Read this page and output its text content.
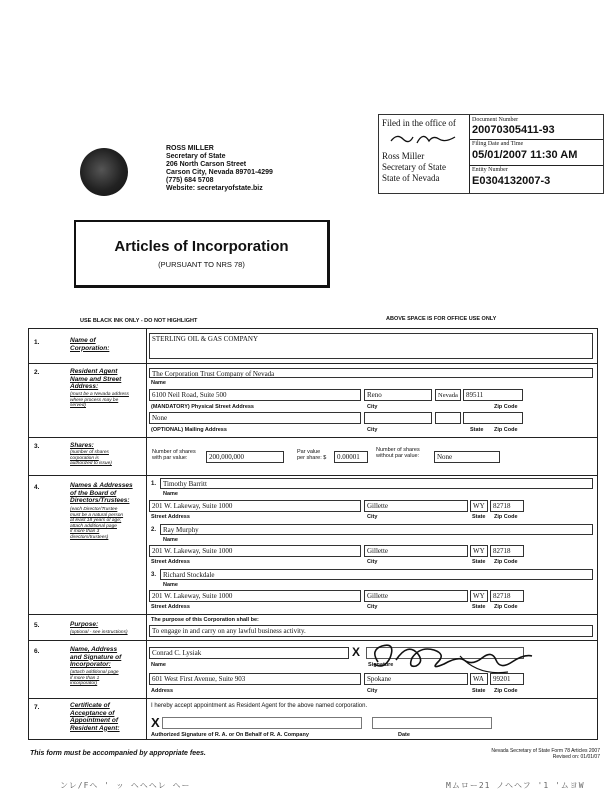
ROSS MILLER
Secretary of State
206 North Carson Street
Carson City, Nevada 89701-4299
(775) 684 5708
Website: secretaryofstate.biz
Filed in the office of
Ross Miller
Secretary of State
State of Nevada
Document Number
20070305411-93
Filing Date and Time
05/01/2007 11:30 AM
Entity Number
E0304132007-3
Articles of Incorporation
(PURSUANT TO NRS 78)
USE BLACK INK ONLY - DO NOT HIGHLIGHT	ABOVE SPACE IS FOR OFFICE USE ONLY
1.	Name of
Corporation:
STERLING OIL & GAS COMPANY
2.	Resident Agent
Name and Street
Address:
(must be a Nevada address
where process may be
served)
The Corporation Trust Company of Nevada
Name
6100 Neil Road, Suite 500	Reno	Nevada	89511
(MANDATORY) Physical Street Address	City	Zip Code
None
(OPTIONAL) Mailing Address	City	State Zip Code
3.	Shares:
(number of shares
corporation is
authorized to issue)
Number of shares
with par value:	200,000,000
Par value
per share: $	0.00001
Number of shares
without par value:	None
4.	Names & Addresses
of the Board of
Directors/Trustees:
(each Director/Trustee
must be a natural person
at least 18 years of age;
attach additional page
if more than 3
directors/trustees)
1. Timothy Barritt
Name
201 W. Lakeway, Suite 1000	Gillette	WY	82718
Street Address	City	State Zip Code
2. Ray Murphy
Name
201 W. Lakeway, Suite 1000	Gillette	WY	82718
Street Address	City	State Zip Code
3. Richard Stockdale
Name
201 W. Lakeway, Suite 1000	Gillette	WY	82718
Street Address	City	State Zip Code
5.	Purpose:
(optional - see instructions)
The purpose of this Corporation shall be:
To engage in and carry on any lawful business activity.
6.	Name, Address
and Signature of
Incorporator:
(attach additional page
if more than 1
incorporator)
Conrad C. Lysiak	X
Name	Signature
601 West First Avenue, Suite 903	Spokane	WA	99201
Address	City	State Zip Code
7.	Certificate of
Acceptance of
Appointment of
Resident Agent:
I hereby accept appointment as Resident Agent for the above named corporation.
X
Authorized Signature of R. A. or On Behalf of R. A. Company	Date
This form must be accompanied by appropriate fees.	Nevada Secretary of State Form 78 Articles 2007
Revised on: 01/01/07
ンレ/Fヘ ' ッ ヘヘヘレ ヘー	Mムロー21 ノヘヘフ '1 'ムヨW
